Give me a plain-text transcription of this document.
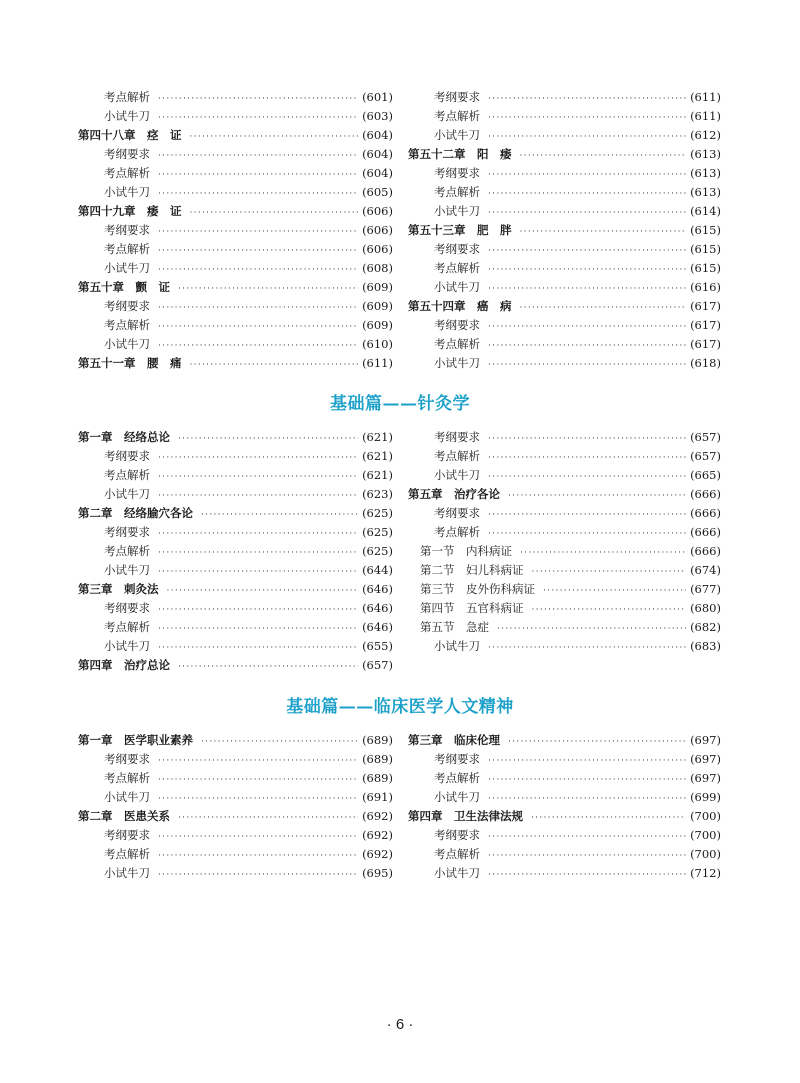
考点解析 ·····	(601)
小试牛刀 ·····	(603)
第四十八章　痉　证 ·····	(604)
考纲要求 ·····	(604)
考点解析 ·····	(604)
小试牛刀 ·····	(605)
第四十九章　痿　证 ·····	(606)
考纲要求 ·····	(606)
考点解析 ·····	(606)
小试牛刀 ·····	(608)
第五十章　颤　证 ·····	(609)
考纲要求 ·····	(609)
考点解析 ·····	(609)
小试牛刀 ·····	(610)
第五十一章　腰　痛 ·····	(611)
考纲要求 ·····	(611)
考点解析 ·····	(611)
小试牛刀 ·····	(612)
第五十二章　阳　痿 ·····	(613)
考纲要求 ·····	(613)
考点解析 ·····	(613)
小试牛刀 ·····	(614)
第五十三章　肥　胖 ·····	(615)
考纲要求 ·····	(615)
考点解析 ·····	(615)
小试牛刀 ·····	(616)
第五十四章　癌　病 ·····	(617)
考纲要求 ·····	(617)
考点解析 ·····	(617)
小试牛刀 ·····	(618)
基础篇——针灸学
第一章　经络总论 ·····	(621)
考纲要求 ·····	(621)
考点解析 ·····	(621)
小试牛刀 ·····	(623)
第二章　经络腧穴各论 ·····	(625)
考纲要求 ·····	(625)
考点解析 ·····	(625)
小试牛刀 ·····	(644)
第三章　刺灸法 ·····	(646)
考纲要求 ·····	(646)
考点解析 ·····	(646)
小试牛刀 ·····	(655)
第四章　治疗总论 ·····	(657)
考纲要求 ·····	(657)
考点解析 ·····	(657)
小试牛刀 ·····	(665)
第五章　治疗各论 ·····	(666)
考纲要求 ·····	(666)
考点解析 ·····	(666)
第一节　内科病证 ·····	(666)
第二节　妇儿科病证 ·····	(674)
第三节　皮外伤科病证 ·····	(677)
第四节　五官科病证 ·····	(680)
第五节　急症 ·····	(682)
小试牛刀 ·····	(683)
基础篇——临床医学人文精神
第一章　医学职业素养 ·····	(689)
考纲要求 ·····	(689)
考点解析 ·····	(689)
小试牛刀 ·····	(691)
第二章　医患关系 ·····	(692)
考纲要求 ·····	(692)
考点解析 ·····	(692)
小试牛刀 ·····	(695)
第三章　临床伦理 ·····	(697)
考纲要求 ·····	(697)
考点解析 ·····	(697)
小试牛刀 ·····	(699)
第四章　卫生法律法规 ·····	(700)
考纲要求 ·····	(700)
考点解析 ·····	(700)
小试牛刀 ·····	(712)
· 6 ·
